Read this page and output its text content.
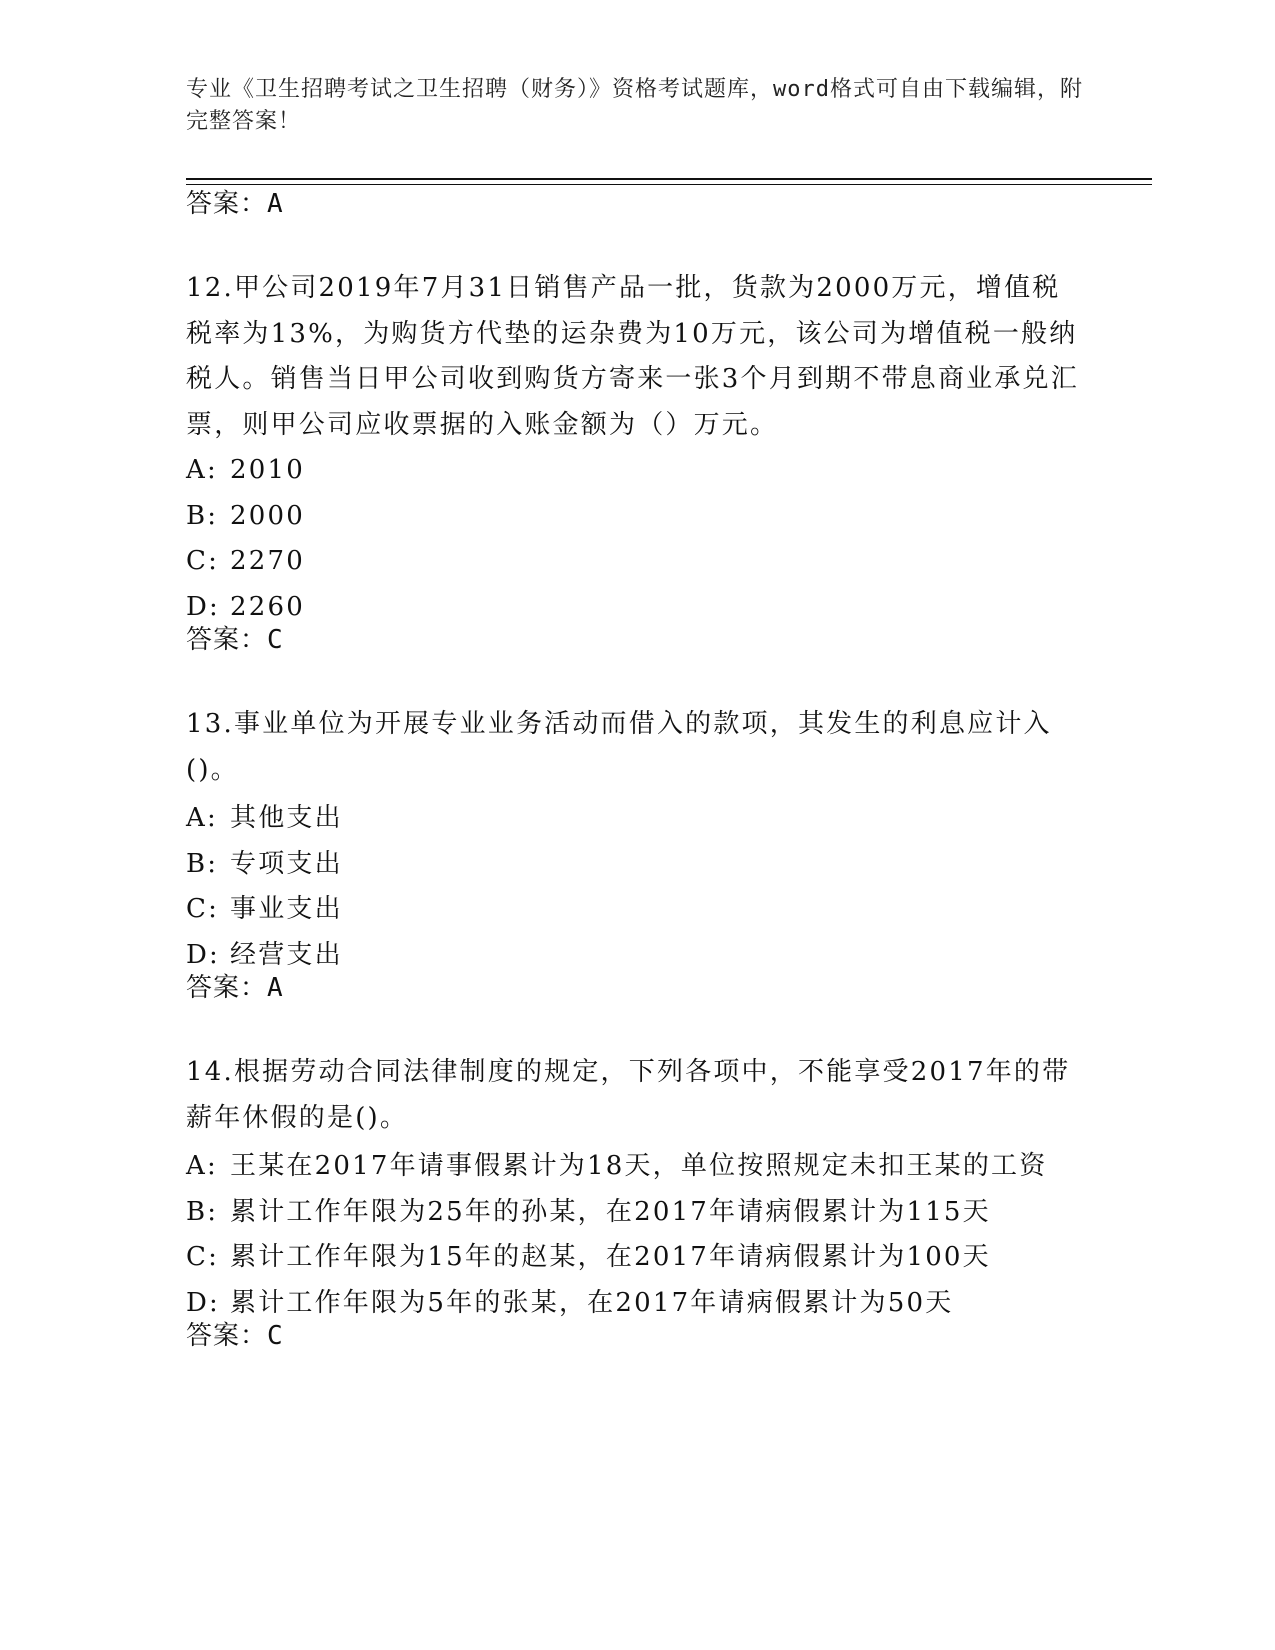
专业《卫生招聘考试之卫生招聘（财务）》资格考试题库，word格式可自由下载编辑，附完整答案！
答案：A

12.甲公司2019年7月31日销售产品一批，货款为2000万元，增值税税率为13%，为购货方代垫的运杂费为10万元，该公司为增值税一般纳税人。销售当日甲公司收到购货方寄来一张3个月到期不带息商业承兑汇票，则甲公司应收票据的入账金额为（）万元。

A: 2010
B: 2000
C: 2270
D: 2260
答案：C

13.事业单位为开展专业业务活动而借入的款项，其发生的利息应计入()。

A: 其他支出
B: 专项支出
C: 事业支出
D: 经营支出
答案：A

14.根据劳动合同法律制度的规定，下列各项中，不能享受2017年的带薪年休假的是()。

A: 王某在2017年请事假累计为18天，单位按照规定未扣王某的工资
B: 累计工作年限为25年的孙某，在2017年请病假累计为115天
C: 累计工作年限为15年的赵某，在2017年请病假累计为100天
D: 累计工作年限为5年的张某，在2017年请病假累计为50天
答案：C
